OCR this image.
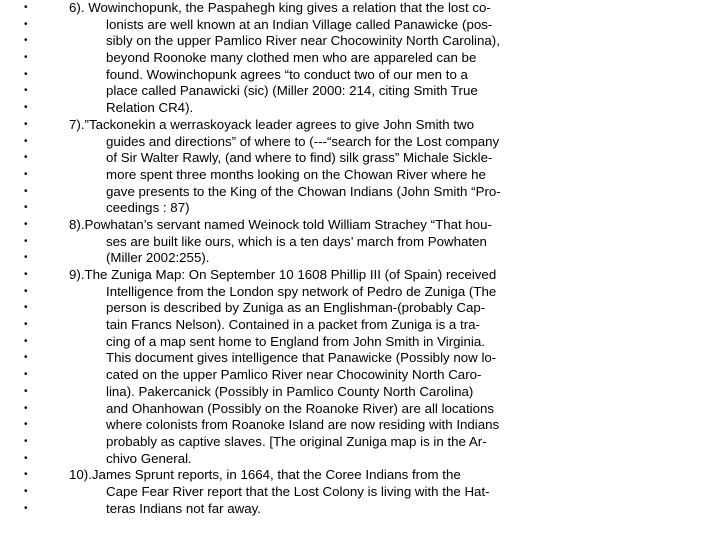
•
•
•
•
•
•
•
•
•
•
•
•
•
•
•
•
•
•
•
•
•
•
•
•
•
•
•
•
•
•
•
6). Wowinchopunk, the Paspahegh king gives a relation that the lost co-
lonists are well known at an Indian Village called Panawicke (pos-
sibly on the upper Pamlico River near Chocowinity North Carolina),
beyond Roonoke many clothed men who are appareled can be
found. Wowinchopunk agrees “to conduct two of our men to a
place called Panawicki (sic) (Miller 2000: 214, citing Smith True
Relation CR4).
7).”Tackonekin a werraskoyack leader agrees to give John Smith two
guides and directions” of where to (---“search for the Lost company
of Sir Walter Rawly, (and where to find) silk grass” Michale Sickle-
more spent three months looking on the Chowan River where he
gave presents to the King of the Chowan Indians (John Smith “Pro-
ceedings : 87)
8).Powhatan’s servant named Weinock told William Strachey “That hou-
ses are built like ours, which is a ten days’ march from Powhaten
(Miller 2002:255).
9).The Zuniga Map: On September 10 1608 Phillip III (of Spain) received
Intelligence from the London spy network of Pedro de Zuniga (The
person is described by Zuniga as an Englishman-(probably Cap-
tain Francs Nelson). Contained in a packet from Zuniga is a tra-
cing of a map sent home to England from John Smith in Virginia.
This document gives intelligence that Panawicke (Possibly now lo-
cated on the upper Pamlico River near Chocowinity North Caro-
lina). Pakercanick (Possibly in Pamlico County North Carolina)
and Ohanhowan (Possibly on the Roanoke River) are all locations
where colonists from Roanoke Island are now residing with Indians
probably as captive slaves. [The original Zuniga map is in the Ar-
chivo General.
10).James Sprunt reports, in 1664, that the Coree Indians from the
Cape Fear River report that the Lost Colony is living with the Hat-
teras Indians not far away.
